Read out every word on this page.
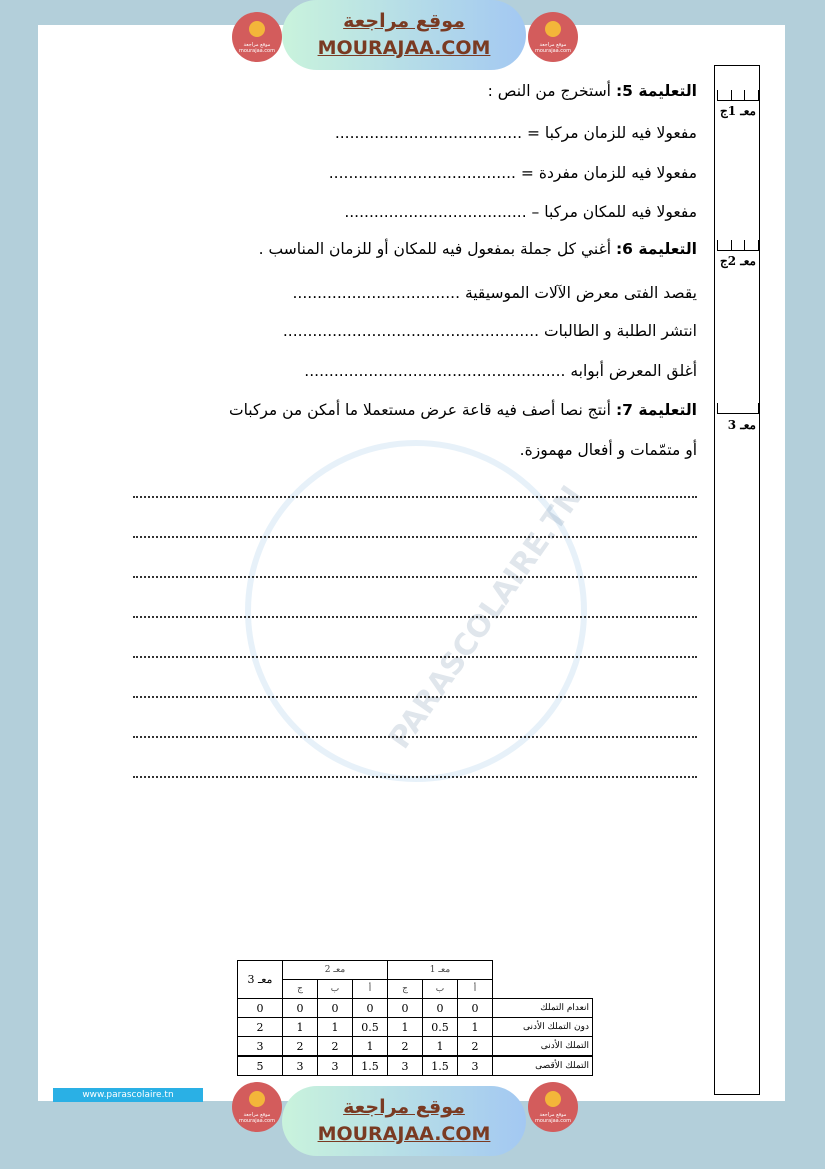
PARASCOLAIRE.TN
موقع مراجعة mourajaa.com
موقع مراجعة
MOURAJAA.COM	موقع مراجعة mourajaa.com
التعليمة 5: أستخرج من النص :
مفعولا فيه للزمان مركبا = ......................................
مفعولا فيه للزمان مفردة = ......................................
مفعولا فيه للمكان مركبا – .....................................
التعليمة 6: أغني كل جملة بمفعول فيه للمكان أو للزمان المناسب .
يقصد الفتى معرض الآلات الموسيقية ..................................
انتشر الطلبة و الطالبات ....................................................
أغلق المعرض أبوابه .....................................................
التعليمة 7: أنتج نصا أصف فيه قاعة عرض مستعملا ما أمكن من مركبات
أو متمّمات و أفعال مهموزة.
معـ 1ج
معـ 2ج
معـ 3
معـ 3	معـ 2			معـ 1			
	ج	ب	أ	ج	ب	أ	
0	0	0	0	0	0	0	انعدام التملك
2	1	1	0.5	1	0.5	1	دون التملك الأدنى
3	2	2	1	2	1	2	التملك الأدنى
5	3	3	1.5	3	1.5	3	التملك الأقصى
www.parascolaire.tn
موقع مراجعة mourajaa.com
موقع مراجعة
MOURAJAA.COM
موقع مراجعة mourajaa.com
